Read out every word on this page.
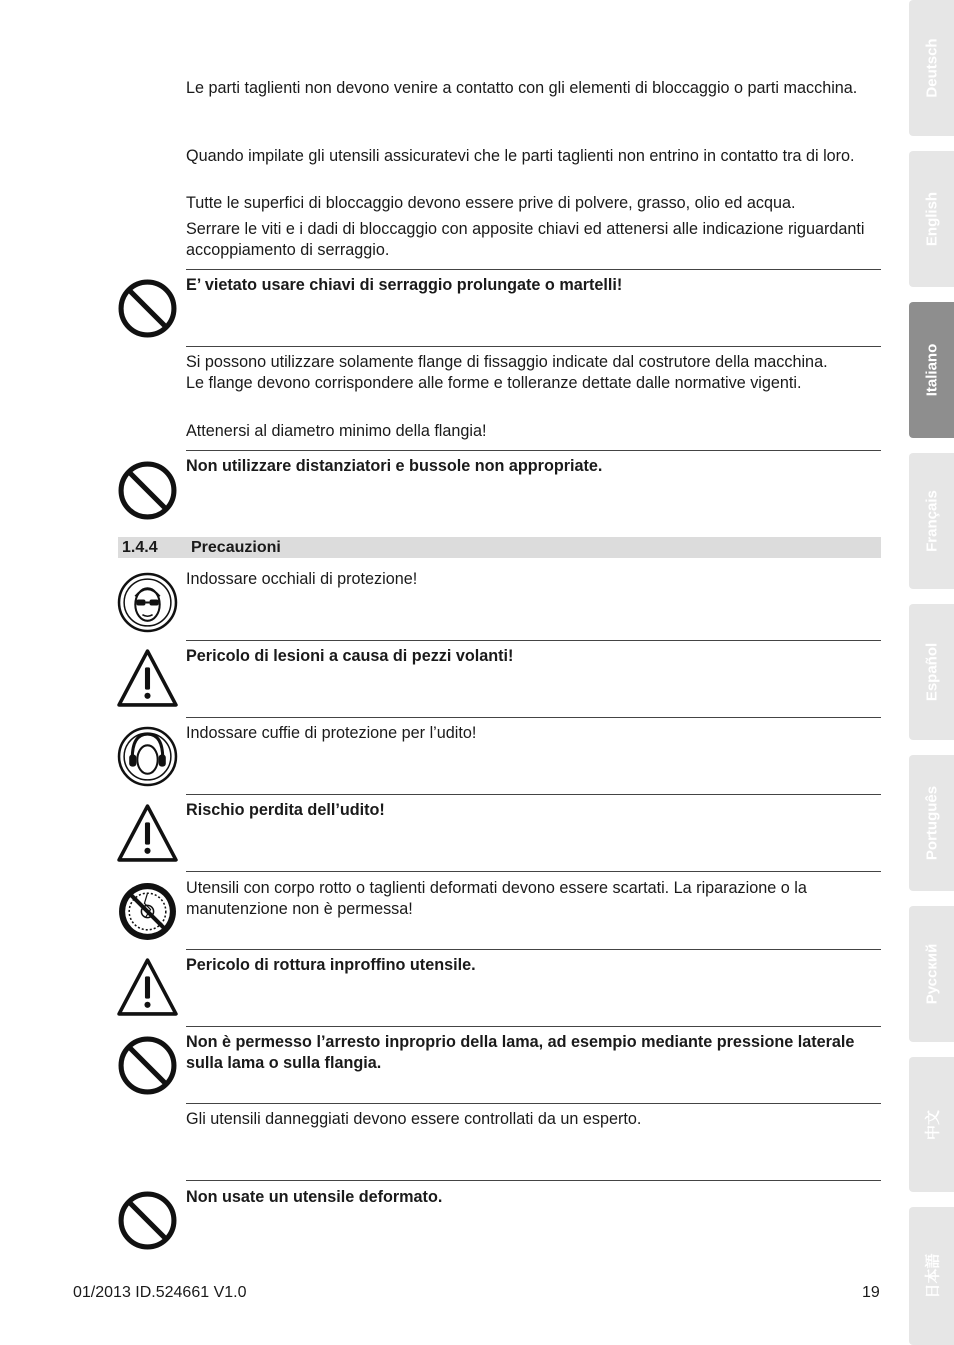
Le parti taglienti non devono venire a contatto con gli elementi di bloccaggio o parti macchina.
Quando impilate gli utensili assicuratevi che le parti taglienti non entrino in contatto tra di loro.
Tutte le superfici di bloccaggio devono essere prive di polvere, grasso, olio ed acqua.
Serrare le viti e i dadi di bloccaggio con apposite chiavi ed attenersi alle indicazione riguardanti accoppiamento di serraggio.
E’ vietato usare chiavi di serraggio prolungate o martelli!
Si possono utilizzare solamente flange di fissaggio indicate dal costrutore della macchina.
Le flange devono corrispondere alle forme e tolleranze dettate dalle normative vigenti.
Attenersi al diametro minimo della flangia!
Non utilizzare distanziatori e bussole non appropriate.
1.4.4 Precauzioni
Indossare occhiali di protezione!
Pericolo di lesioni a causa di pezzi volanti!
Indossare cuffie di protezione per l’udito!
Rischio perdita dell’udito!
Utensili con corpo rotto o taglienti deformati devono essere scartati. La riparazione o la manutenzione non è permessa!
Pericolo di rottura inproffino utensile.
Non è permesso l’arresto inproprio della lama, ad esempio mediante pressione laterale sulla lama o sulla flangia.
Gli utensili danneggiati devono essere controllati da un esperto.
Non usate un utensile deformato.
01/2013 ID.524661 V1.0	19
Deutsch
English
Italiano
Français
Español
Português
Русский
中文
日本語
